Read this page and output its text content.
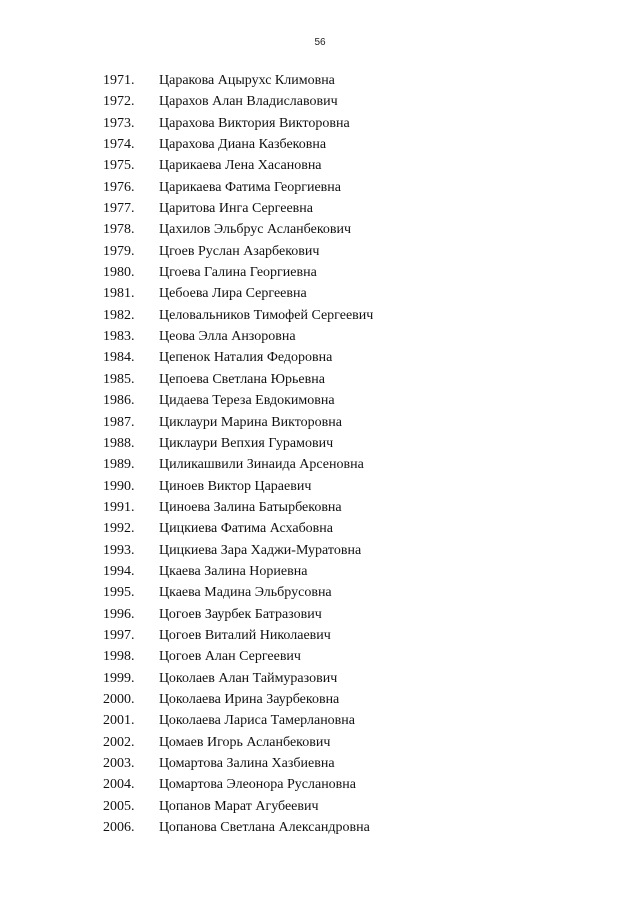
56
1971.	Царакова Ацырухс Климовна
1972.	Царахов Алан Владиславович
1973.	Царахова Виктория Викторовна
1974.	Царахова Диана Казбековна
1975.	Царикаева Лена Хасановна
1976.	Царикаева Фатима Георгиевна
1977.	Царитова Инга Сергеевна
1978.	Цахилов Эльбрус Асланбекович
1979.	Цгоев Руслан Азарбекович
1980.	Цгоева Галина Георгиевна
1981.	Цебоева Лира Сергеевна
1982.	Целовальников Тимофей Сергеевич
1983.	Цеова Элла Анзоровна
1984.	Цепенок Наталия Федоровна
1985.	Цепоева Светлана Юрьевна
1986.	Цидаева Тереза Евдокимовна
1987.	Циклаури Марина Викторовна
1988.	Циклаури Вепхия Гурамович
1989.	Циликашвили Зинаида Арсеновна
1990.	Циноев Виктор Цараевич
1991.	Циноева Залина Батырбековна
1992.	Цицкиева Фатима Асхабовна
1993.	Цицкиева Зара Хаджи-Муратовна
1994.	Цкаева Залина Нориевна
1995.	Цкаева Мадина Эльбрусовна
1996.	Цогоев Заурбек Батразович
1997.	Цогоев Виталий Николаевич
1998.	Цогоев Алан Сергеевич
1999.	Цоколаев Алан Таймуразович
2000.	Цоколаева Ирина Заурбековна
2001.	Цоколаева Лариса Тамерлановна
2002.	Цомаев Игорь Асланбекович
2003.	Цомартова Залина Хазбиевна
2004.	Цомартова Элеонора Руслановна
2005.	Цопанов Марат Агубеевич
2006.	Цопанова Светлана Александровна
